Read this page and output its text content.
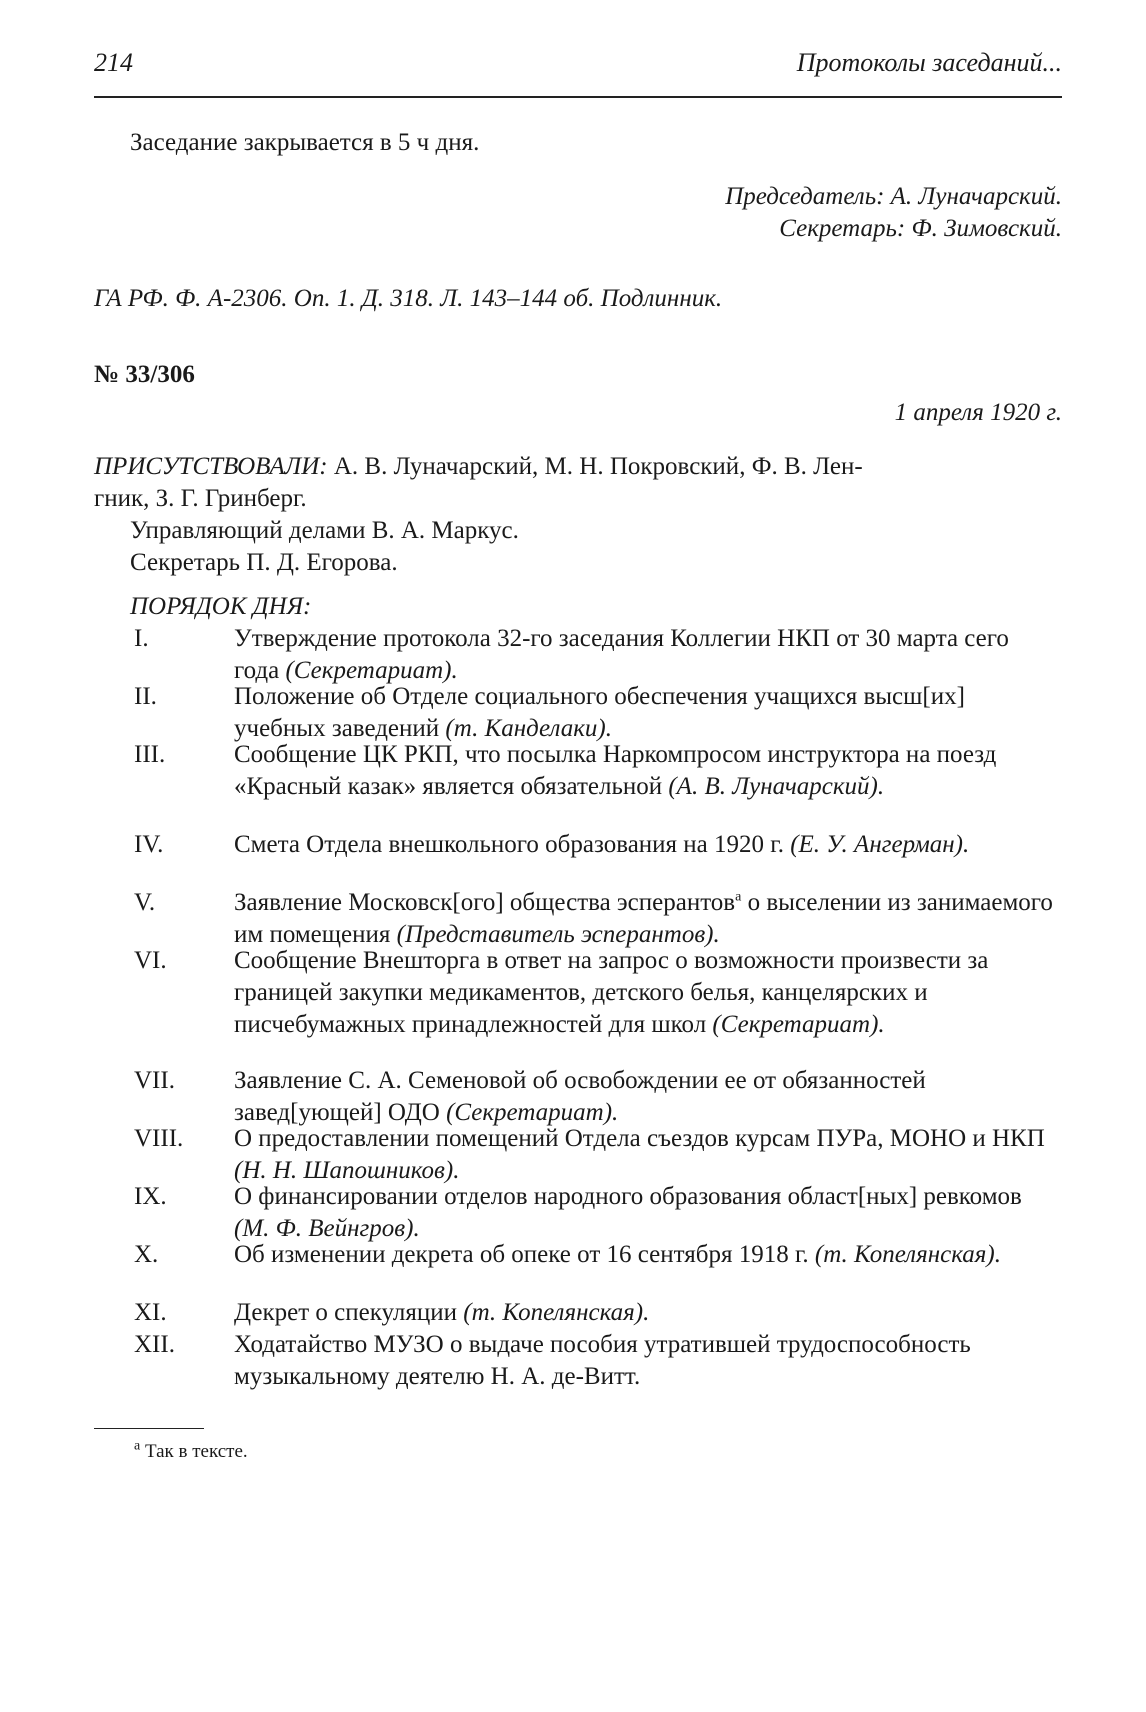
214	Протоколы заседаний...
Заседание закрывается в 5 ч дня.
Председатель: А. Луначарский.
Секретарь: Ф. Зимовский.
ГА РФ. Ф. А-2306. Оп. 1. Д. 318. Л. 143–144 об. Подлинник.
№ 33/306
1 апреля 1920 г.
ПРИСУТСТВОВАЛИ: А. В. Луначарский, М. Н. Покровский, Ф. В. Лен-
гник, З. Г. Гринберг.
Управляющий делами В. А. Маркус.
Секретарь П. Д. Егорова.
ПОРЯДОК ДНЯ:
I.	Утверждение протокола 32-го заседания Коллегии НКП от 30 марта сего года (Секретариат).
II.	Положение об Отделе социального обеспечения учащихся высш[их] учебных заведений (т. Канделаки).
III.	Сообщение ЦК РКП, что посылка Наркомпросом инструктора на поезд «Красный казак» является обязательной (А. В. Луначарский).
IV.	Смета Отдела внешкольного образования на 1920 г. (Е. У. Ангерман).
V.	Заявление Московск[ого] общества эсперантов$^а$ о выселении из занимаемого им помещения (Представитель эсперантов).
VI.	Сообщение Внешторга в ответ на запрос о возможности произвести за границей закупки медикаментов, детского белья, канцелярских и писчебумажных принадлежностей для школ (Секретариат).
VII. Заявление С. А. Семеновой об освобождении ее от обязанностей завед[ующей] ОДО (Секретариат).
VIII. О предоставлении помещений Отдела съездов курсам ПУРа, МОНО и НКП (Н. Н. Шапошников).
IX.	О финансировании отделов народного образования област[ных] ревкомов (М. Ф. Вейнгров).
X.	Об изменении декрета об опеке от 16 сентября 1918 г. (т. Копелянская).
XI.	Декрет о спекуляции (т. Копелянская).
XII. Ходатайство МУЗО о выдаче пособия утратившей трудоспособность музыкальному деятелю Н. А. де-Витт.
$^а$ Так в тексте.
